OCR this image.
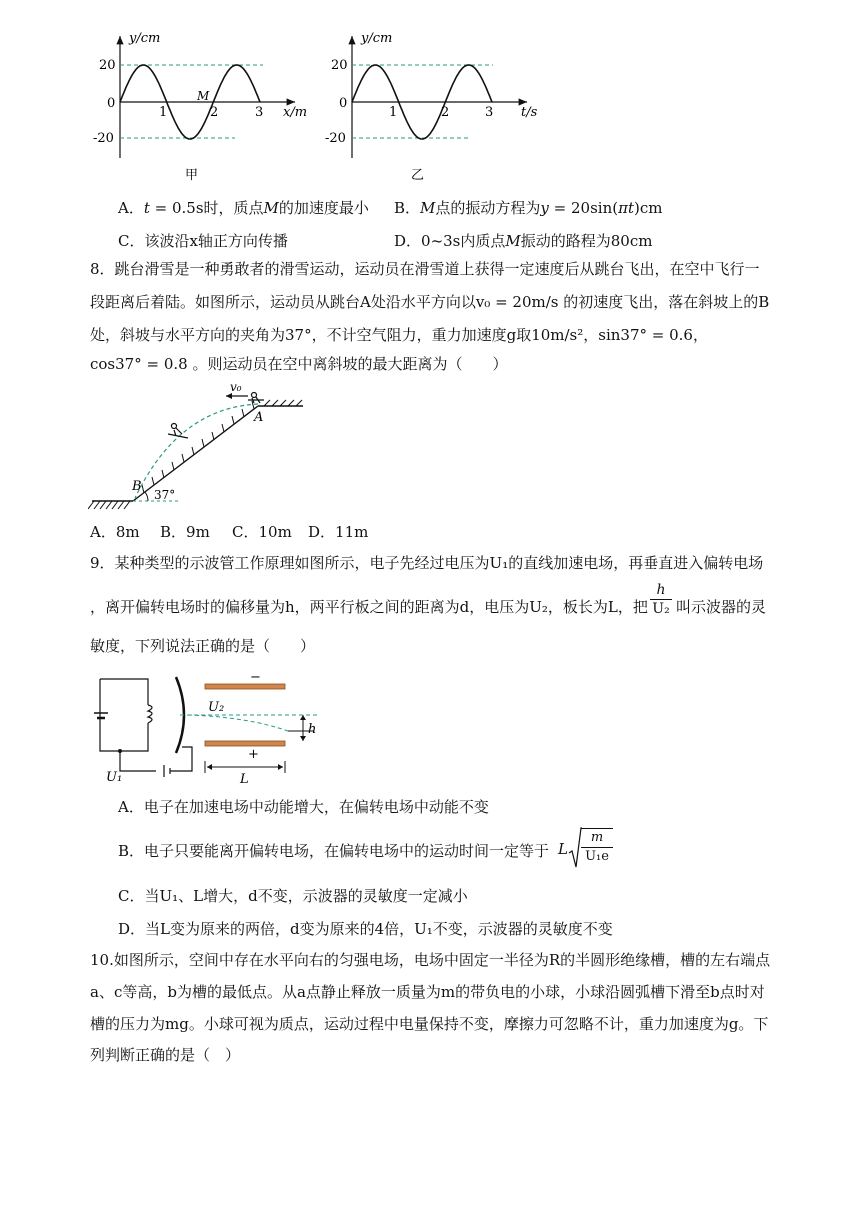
y/cm
20
0
-20
1	2	3 x/m
M
甲
y/cm
20
0
-20
1	2	3 t/s
乙
A．t = 0.5s时，质点M的加速度最小 B．M点的振动方程为y = 20sin(πt)cm
C．该波沿x轴正方向传播	D．0~3s内质点M振动的路程为80cm
8．跳台滑雪是一种勇敢者的滑雪运动，运动员在滑雪道上获得一定速度后从跳台飞出，在空中飞行一
段距离后着陆。如图所示，运动员从跳台A处沿水平方向以v₀ = 20m/s 的初速度飞出，落在斜坡上的B
处，斜坡与水平方向的夹角为37°，不计空气阻力，重力加速度g取10m/s²，sin37° = 0.6，
cos37° = 0.8 。则运动员在空中离斜坡的最大距离为（　　）
v₀
A
B
37°
A．8m B．9m C．10m D．11m
9．某种类型的示波管工作原理如图所示，电子先经过电压为U₁的直线加速电场，再垂直进入偏转电场
，离开偏转电场时的偏移量为h，两平行板之间的距离为d，电压为U₂，板长为L，把
h
U₂ 叫示波器的灵
敏度，下列说法正确的是（　　）
−
+
U₂
h
L
U₁
A．电子在加速电场中动能增大，在偏转电场中动能不变
B．电子只要能离开偏转电场，在偏转电场中的运动时间一定等于 L
m
U₁e
C．当U₁、L增大，d不变，示波器的灵敏度一定减小
D．当L变为原来的两倍，d变为原来的4倍，U₁不变，示波器的灵敏度不变
10.如图所示，空间中存在水平向右的匀强电场，电场中固定一半径为R的半圆形绝缘槽，槽的左右端点
a、c等高，b为槽的最低点。从a点静止释放一质量为m的带负电的小球，小球沿圆弧槽下滑至b点时对
槽的压力为mg。小球可视为质点，运动过程中电量保持不变，摩擦力可忽略不计，重力加速度为g。下
列判断正确的是（　）
